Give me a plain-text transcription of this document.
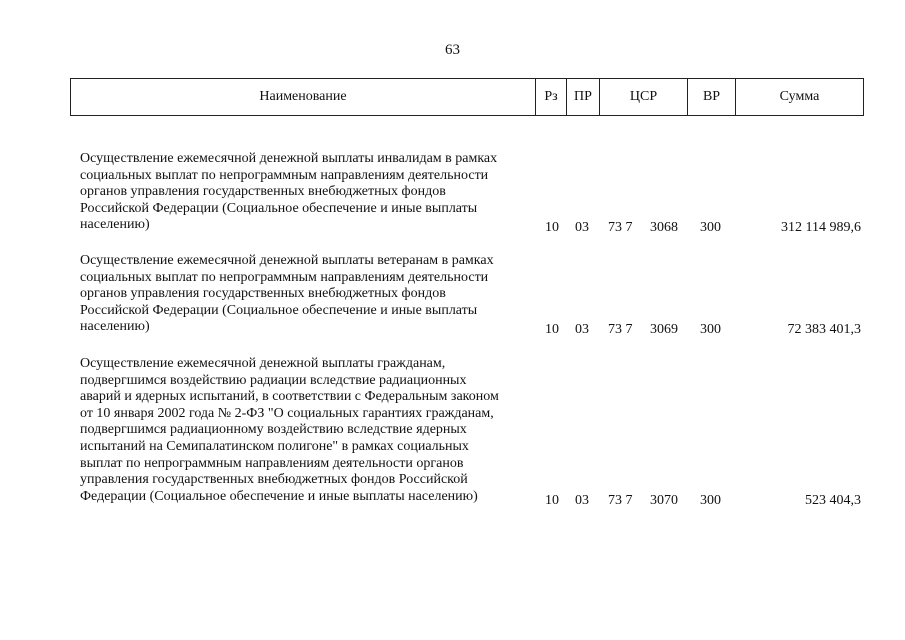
63
Наименование	Рз	ПР	ЦСР	ВР	Сумма
Осуществление ежемесячной денежной выплаты инвалидам в рамках
социальных выплат по непрограммным направлениям деятельности
органов управления государственных внебюджетных фондов
Российской Федерации (Социальное обеспечение и иные выплаты
населению)	10 03	73 7	3068	300	312 114 989,6
Осуществление ежемесячной денежной выплаты ветеранам в рамках
социальных выплат по непрограммным направлениям деятельности
органов управления государственных внебюджетных фондов
Российской Федерации (Социальное обеспечение и иные выплаты
населению)	10 03	73 7	3069	300	72 383 401,3
Осуществление ежемесячной денежной выплаты гражданам,
подвергшимся воздействию радиации вследствие радиационных
аварий и ядерных испытаний, в соответствии с Федеральным законом
от 10 января 2002 года № 2-ФЗ "О социальных гарантиях гражданам,
подвергшимся радиационному воздействию вследствие ядерных
испытаний на Семипалатинском полигоне" в рамках социальных
выплат по непрограммным направлениям деятельности органов
управления государственных внебюджетных фондов Российской
Федерации (Социальное обеспечение и иные выплаты населению)	10 03	73 7	3070	300	523 404,3
